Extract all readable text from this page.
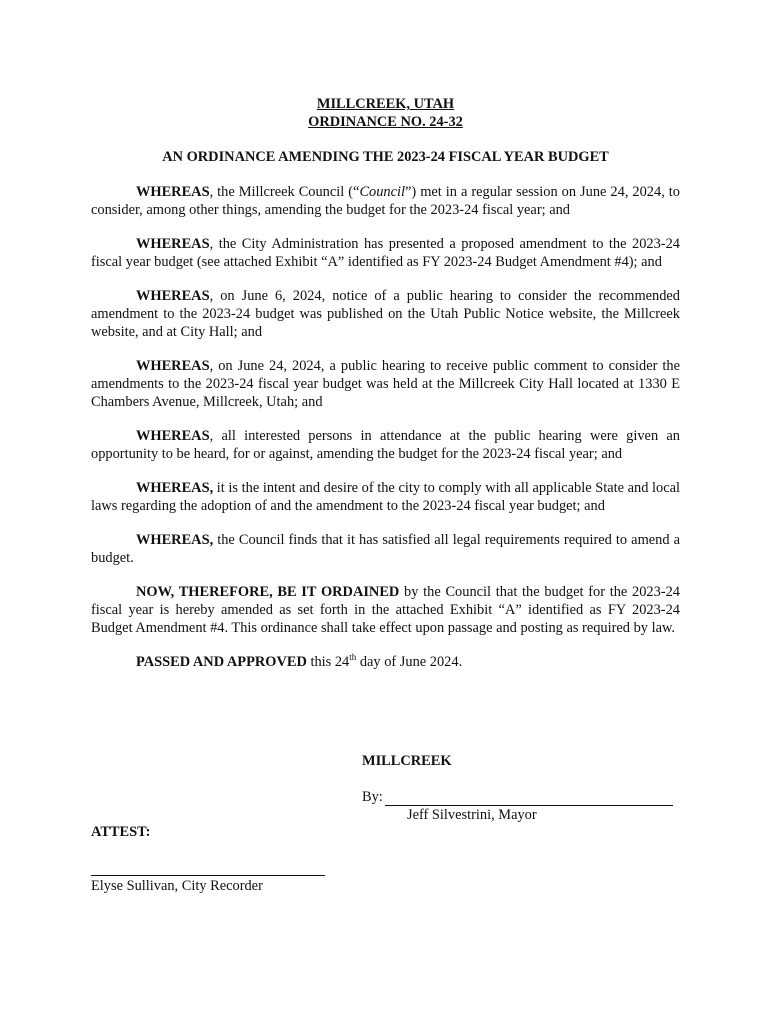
MILLCREEK, UTAH

ORDINANCE NO. 24-32

AN ORDINANCE AMENDING THE 2023-24 FISCAL YEAR BUDGET

WHEREAS, the Millcreek Council (“Council”) met in a regular session on June 24, 2024, to consider, among other things, amending the budget for the 2023-24 fiscal year; and

WHEREAS, the City Administration has presented a proposed amendment to the 2023-24 fiscal year budget (see attached Exhibit “A” identified as FY 2023-24 Budget Amendment #4); and

WHEREAS, on June 6, 2024, notice of a public hearing to consider the recommended amendment to the 2023-24 budget was published on the Utah Public Notice website, the Millcreek website, and at City Hall; and

WHEREAS, on June 24, 2024, a public hearing to receive public comment to consider the amendments to the 2023-24 fiscal year budget was held at the Millcreek City Hall located at 1330 E Chambers Avenue, Millcreek, Utah; and

WHEREAS, all interested persons in attendance at the public hearing were given an opportunity to be heard, for or against, amending the budget for the 2023-24 fiscal year; and

WHEREAS, it is the intent and desire of the city to comply with all applicable State and local laws regarding the adoption of and the amendment to the 2023-24 fiscal year budget; and

WHEREAS, the Council finds that it has satisfied all legal requirements required to amend a budget.

NOW, THEREFORE, BE IT ORDAINED by the Council that the budget for the 2023-24 fiscal year is hereby amended as set forth in the attached Exhibit “A” identified as FY 2023-24 Budget Amendment #4. This ordinance shall take effect upon passage and posting as required by law.

PASSED AND APPROVED this 24th day of June 2024.

MILLCREEK

By:

Jeff Silvestrini, Mayor

ATTEST:
Elyse Sullivan, City Recorder
